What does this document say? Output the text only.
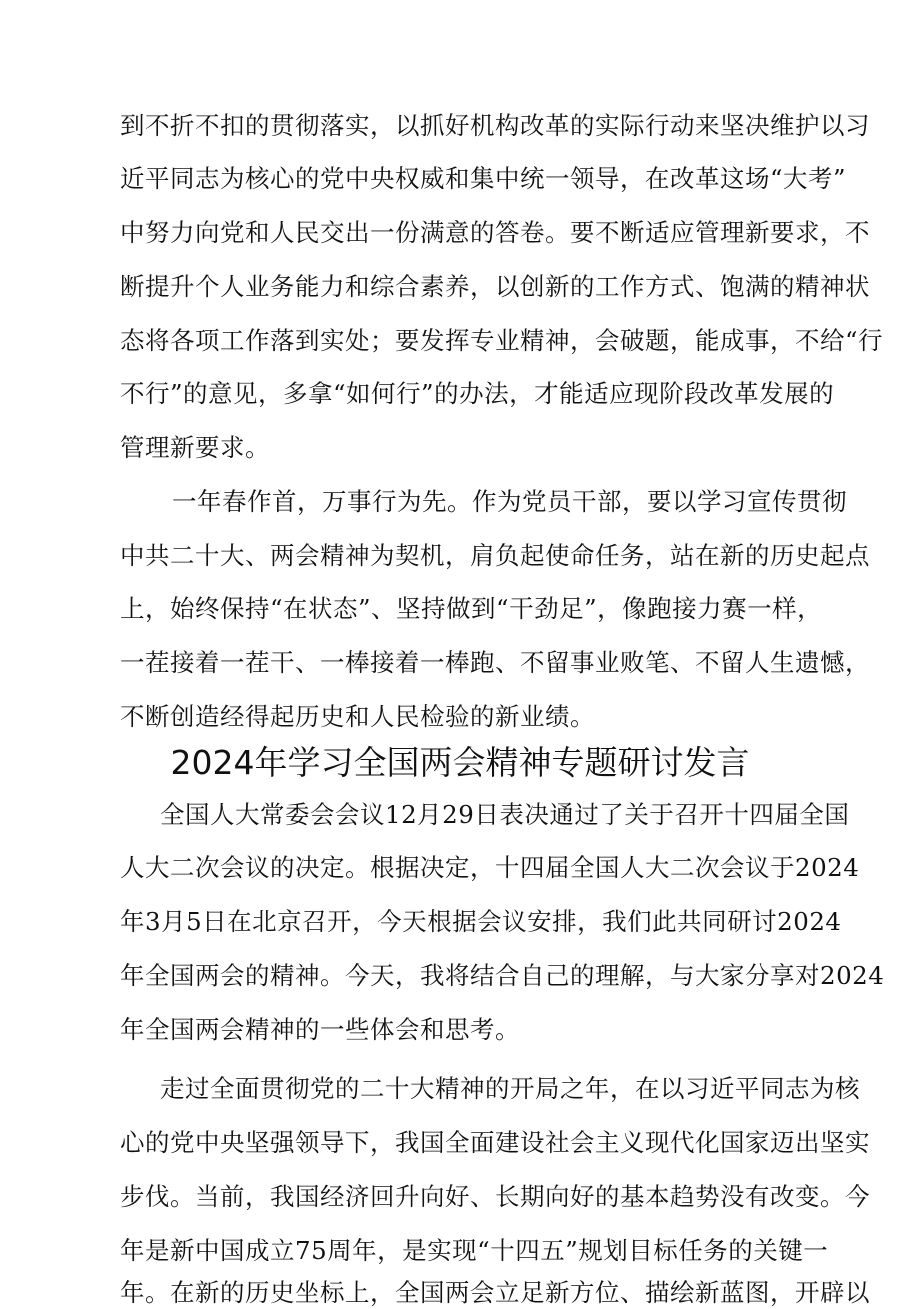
到不折不扣的贯彻落实，以抓好机构改革的实际行动来坚决维护以习
近平同志为核心的党中央权威和集中统一领导，在改革这场“大考”
中努力向党和人民交出一份满意的答卷。要不断适应管理新要求，不
断提升个人业务能力和综合素养，以创新的工作方式、饱满的精神状
态将各项工作落到实处；要发挥专业精神，会破题，能成事，不给“行
不行”的意见，多拿“如何行”的办法，才能适应现阶段改革发展的
管理新要求。
一年春作首，万事行为先。作为党员干部，要以学习宣传贯彻
中共二十大、两会精神为契机，肩负起使命任务，站在新的历史起点
上，始终保持“在状态”、坚持做到“干劲足”，像跑接力赛一样，
一茬接着一茬干、一棒接着一棒跑、不留事业败笔、不留人生遗憾，
不断创造经得起历史和人民检验的新业绩。
2024年学习全国两会精神专题研讨发言
全国人大常委会会议12月29日表决通过了关于召开十四届全国
人大二次会议的决定。根据决定，十四届全国人大二次会议于2024
年3月5日在北京召开，今天根据会议安排，我们此共同研讨2024
年全国两会的精神。今天，我将结合自己的理解，与大家分享对2024
年全国两会精神的一些体会和思考。
走过全面贯彻党的二十大精神的开局之年，在以习近平同志为核
心的党中央坚强领导下，我国全面建设社会主义现代化国家迈出坚实
步伐。当前，我国经济回升向好、长期向好的基本趋势没有改变。今
年是新中国成立75周年，是实现“十四五”规划目标任务的关键一
年。在新的历史坐标上，全国两会立足新方位、描绘新蓝图，开辟以
